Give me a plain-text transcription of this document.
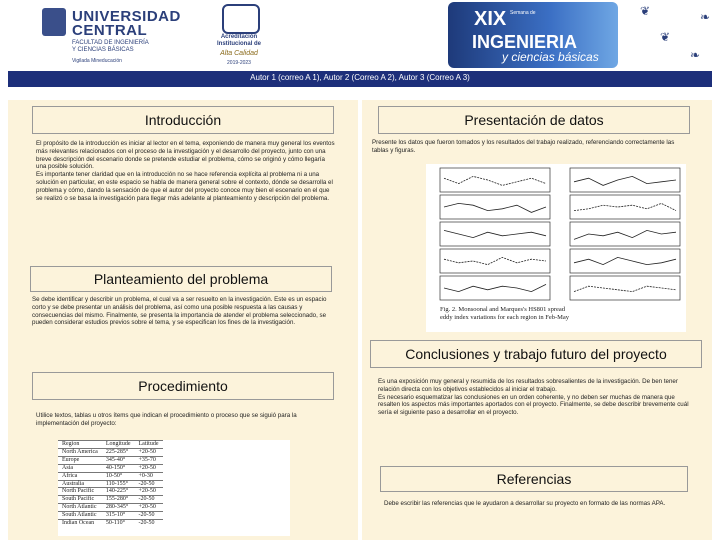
UNIVERSIDAD
CENTRAL
FACULTAD DE INGENIERÍA
Y CIENCIAS BÁSICAS
Vigilada Mineducación
Acreditación
Institucional de
Alta Calidad
2019-2023
XIX Semana de
INGENIERIA
y ciencias básicas
❦	❧
❦
❧
Autor 1 (correo A 1), Autor 2 (Correo A 2), Autor 3 (Correo A 3)
Introducción
El propósito de la introducción es iniciar al lector en el tema, exponiendo de manera muy general los eventos más relevantes relacionados con el proceso de la investigación y el desarrollo del proyecto, junto con una breve descripción del escenario donde se pretende estudiar el problema, cómo se originó y cómo llegaría una posible solución.
Es importante tener claridad que en la introducción no se hace referencia explícita al problema ni a una solución en particular, en este espacio se habla de manera general sobre el contexto, dónde se desarrolla el problema y cómo, dando la sensación de que el autor del proyecto conoce muy bien el escenario en el que se realizó o se basa la investigación para llegar más adelante al planteamiento y descripción del problema.
Planteamiento del problema
Se debe identificar y describir un problema, el cual va a ser resuelto en la investigación. Este es un espacio corto y se debe presentar un análisis del problema, así como una posible respuesta a las causas y consecuencias del mismo. Finalmente, se presenta la importancia de atender el problema seleccionado, se pueden considerar estudios previos sobre el tema, y se especifican los fines de la investigación.
Procedimiento
Utilice textos, tablas u otros ítems que indican el procedimiento o proceso que se siguió para la implementación del proyecto:
Region	Longitude	Latitude
North America	225-285°	+20-50
Europe	345-40°	+35-70
Asia	40-150°	+20-50
Africa	10-50°	+0-30
Australia	110-155°	-20-50
North Pacific	140-225°	+20-50
South Pacific	155-280°	-20-50
North Atlantic	280-345°	+20-50
South Atlantic	315-10°	-20-50
Indian Ocean	50-110°	-20-50
Presentación de datos
Presente los datos que fueron tomados y los resultados del trabajo realizado, referenciando correctamente las tablas y figuras.
Fig. 2. Monsoonal and Marques's HS801 spread
eddy index variations for each region in Feb-May
Conclusiones y trabajo futuro del proyecto
Es una exposición muy general y resumida de los resultados sobresalientes de la investigación. De ben tener relación directa con los objetivos establecidos al iniciar el trabajo.
Es necesario esquematizar las conclusiones en un orden coherente, y no deben ser muchas de manera que resalten los aspectos más importantes aportados con el proyecto. Finalmente, se debe describir brevemente cuál sería el siguiente paso a desarrollar en el proyecto.
Referencias
Debe escribir las referencias que le ayudaron a desarrollar su proyecto en formato de las normas APA.
